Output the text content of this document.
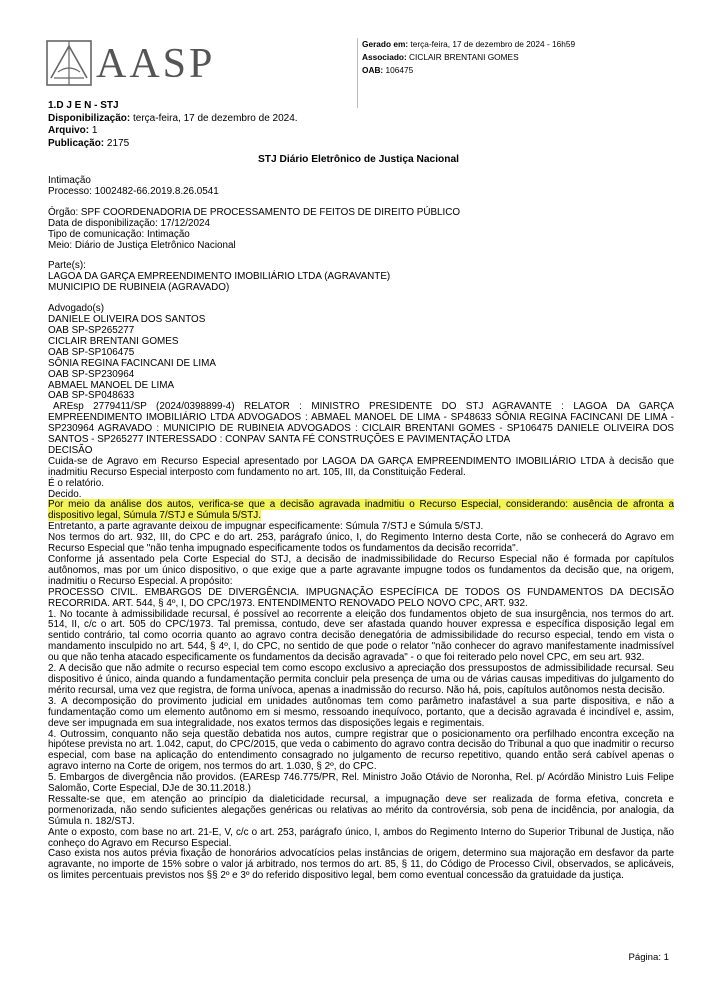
AASP	Gerado em: terça-feira, 17 de dezembro de 2024 - 16h59
Associado: CICLAIR BRENTANI GOMES
OAB: 106475
1.D J E N - STJ
Disponibilização: terça-feira, 17 de dezembro de 2024.
Arquivo: 1
Publicação: 2175
STJ Diário Eletrônico de Justiça Nacional

Intimação

Processo: 1002482-66.2019.8.26.0541

Órgão: SPF COORDENADORIA DE PROCESSAMENTO DE FEITOS DE DIREITO PÚBLICO

Data de disponibilização: 17/12/2024

Tipo de comunicação: Intimação

Meio: Diário de Justiça Eletrônico Nacional

Parte(s):

LAGOA DA GARÇA EMPREENDIMENTO IMOBILIÁRIO LTDA (AGRAVANTE)

MUNICIPIO DE RUBINEIA (AGRAVADO)

Advogado(s)

DANIELE OLIVEIRA DOS SANTOS

OAB SP-SP265277

CICLAIR BRENTANI GOMES

OAB SP-SP106475

SÔNIA REGINA FACINCANI DE LIMA

OAB SP-SP230964

ABMAEL MANOEL DE LIMA

OAB SP-SP048633

AREsp 2779411/SP (2024/0398899-4) RELATOR : MINISTRO PRESIDENTE DO STJ AGRAVANTE : LAGOA DA GARÇA EMPREENDIMENTO IMOBILIÁRIO LTDA ADVOGADOS : ABMAEL MANOEL DE LIMA - SP48633 SÔNIA REGINA FACINCANI DE LIMA - SP230964 AGRAVADO : MUNICIPIO DE RUBINEIA ADVOGADOS : CICLAIR BRENTANI GOMES - SP106475 DANIELE OLIVEIRA DOS SANTOS - SP265277 INTERESSADO : CONPAV SANTA FÉ CONSTRUÇÕES E PAVIMENTAÇÃO LTDA

DECISÃO

Cuida-se de Agravo em Recurso Especial apresentado por LAGOA DA GARÇA EMPREENDIMENTO IMOBILIÁRIO LTDA à decisão que inadmitiu Recurso Especial interposto com fundamento no art. 105, III, da Constituição Federal.

É o relatório.

Decido.

Por meio da análise dos autos, verifica-se que a decisão agravada inadmitiu o Recurso Especial, considerando: ausência de afronta a dispositivo legal, Súmula 7/STJ e Súmula 5/STJ.

Entretanto, a parte agravante deixou de impugnar especificamente: Súmula 7/STJ e Súmula 5/STJ.

Nos termos do art. 932, III, do CPC e do art. 253, parágrafo único, I, do Regimento Interno desta Corte, não se conhecerá do Agravo em Recurso Especial que "não tenha impugnado especificamente todos os fundamentos da decisão recorrida".

Conforme já assentado pela Corte Especial do STJ, a decisão de inadmissibilidade do Recurso Especial não é formada por capítulos autônomos, mas por um único dispositivo, o que exige que a parte agravante impugne todos os fundamentos da decisão que, na origem, inadmitiu o Recurso Especial. A propósito:

PROCESSO CIVIL. EMBARGOS DE DIVERGÊNCIA. IMPUGNAÇÃO ESPECÍFICA DE TODOS OS FUNDAMENTOS DA DECISÃO RECORRIDA. ART. 544, § 4º, I, DO CPC/1973. ENTENDIMENTO RENOVADO PELO NOVO CPC, ART. 932.

1. No tocante à admissibilidade recursal, é possível ao recorrente a eleição dos fundamentos objeto de sua insurgência, nos termos do art. 514, II, c/c o art. 505 do CPC/1973. Tal premissa, contudo, deve ser afastada quando houver expressa e específica disposição legal em sentido contrário, tal como ocorria quanto ao agravo contra decisão denegatória de admissibilidade do recurso especial, tendo em vista o mandamento insculpido no art. 544, § 4º, I, do CPC, no sentido de que pode o relator "não conhecer do agravo manifestamente inadmissível ou que não tenha atacado especificamente os fundamentos da decisão agravada" - o que foi reiterado pelo novel CPC, em seu art. 932.

2. A decisão que não admite o recurso especial tem como escopo exclusivo a apreciação dos pressupostos de admissibilidade recursal. Seu dispositivo é único, ainda quando a fundamentação permita concluir pela presença de uma ou de várias causas impeditivas do julgamento do mérito recursal, uma vez que registra, de forma unívoca, apenas a inadmissão do recurso. Não há, pois, capítulos autônomos nesta decisão.

3. A decomposição do provimento judicial em unidades autônomas tem como parâmetro inafastável a sua parte dispositiva, e não a fundamentação como um elemento autônomo em si mesmo, ressoando inequívoco, portanto, que a decisão agravada é incindível e, assim, deve ser impugnada em sua integralidade, nos exatos termos das disposições legais e regimentais.

4. Outrossim, conquanto não seja questão debatida nos autos, cumpre registrar que o posicionamento ora perfilhado encontra exceção na hipótese prevista no art. 1.042, caput, do CPC/2015, que veda o cabimento do agravo contra decisão do Tribunal a quo que inadmitir o recurso especial, com base na aplicação do entendimento consagrado no julgamento de recurso repetitivo, quando então será cabível apenas o agravo interno na Corte de origem, nos termos do art. 1.030, § 2º, do CPC.

5. Embargos de divergência não providos. (EAREsp 746.775/PR, Rel. Ministro João Otávio de Noronha, Rel. p/ Acórdão Ministro Luis Felipe Salomão, Corte Especial, DJe de 30.11.2018.)

Ressalte-se que, em atenção ao princípio da dialeticidade recursal, a impugnação deve ser realizada de forma efetiva, concreta e pormenorizada, não sendo suficientes alegações genéricas ou relativas ao mérito da controvérsia, sob pena de incidência, por analogia, da Súmula n. 182/STJ.

Ante o exposto, com base no art. 21-E, V, c/c o art. 253, parágrafo único, I, ambos do Regimento Interno do Superior Tribunal de Justiça, não conheço do Agravo em Recurso Especial.

Caso exista nos autos prévia fixação de honorários advocatícios pelas instâncias de origem, determino sua majoração em desfavor da parte agravante, no importe de 15% sobre o valor já arbitrado, nos termos do art. 85, § 11, do Código de Processo Civil, observados, se aplicáveis, os limites percentuais previstos nos §§ 2º e 3º do referido dispositivo legal, bem como eventual concessão da gratuidade da justiça.

Página: 1
